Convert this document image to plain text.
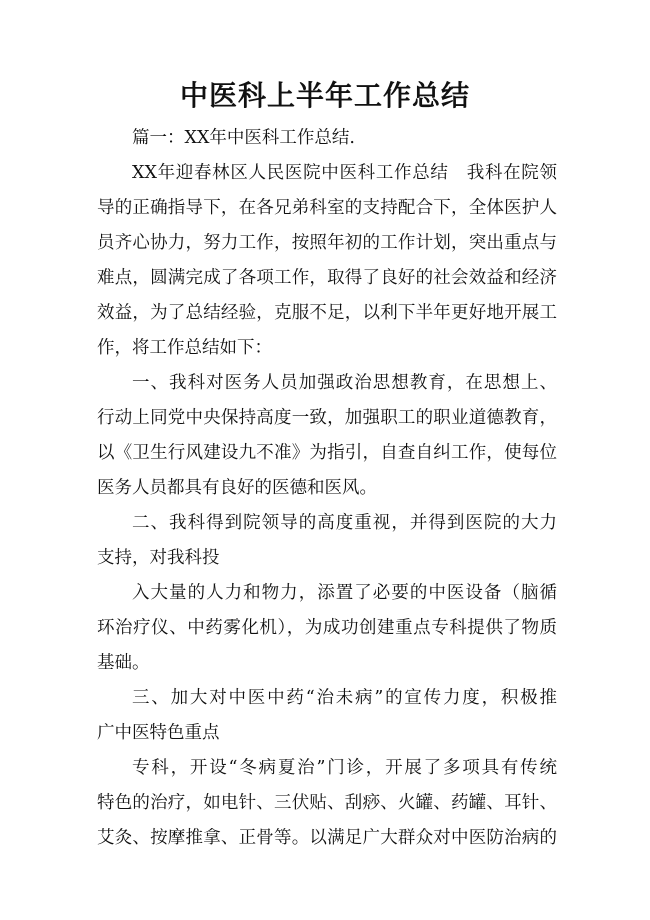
中医科上半年工作总结
篇一：XX年中医科工作总结.
XX年迎春林区人民医院中医科工作总结　我科在院领
导的正确指导下，在各兄弟科室的支持配合下，全体医护人
员齐心协力，努力工作，按照年初的工作计划，突出重点与
难点，圆满完成了各项工作，取得了良好的社会效益和经济
效益，为了总结经验，克服不足，以利下半年更好地开展工
作，将工作总结如下：
一、我科对医务人员加强政治思想教育，在思想上、
行动上同党中央保持高度一致，加强职工的职业道德教育，
以《卫生行风建设九不准》为指引，自查自纠工作，使每位
医务人员都具有良好的医德和医风。
二、我科得到院领导的高度重视，并得到医院的大力
支持，对我科投
入大量的人力和物力，添置了必要的中医设备（脑循
环治疗仪、中药雾化机），为成功创建重点专科提供了物质
基础。
三、加大对中医中药“治未病”的宣传力度，积极推
广中医特色重点
专科，开设“冬病夏治”门诊，开展了多项具有传统
特色的治疗，如电针、三伏贴、刮痧、火罐、药罐、耳针、
艾灸、按摩推拿、正骨等。以满足广大群众对中医防治病的
